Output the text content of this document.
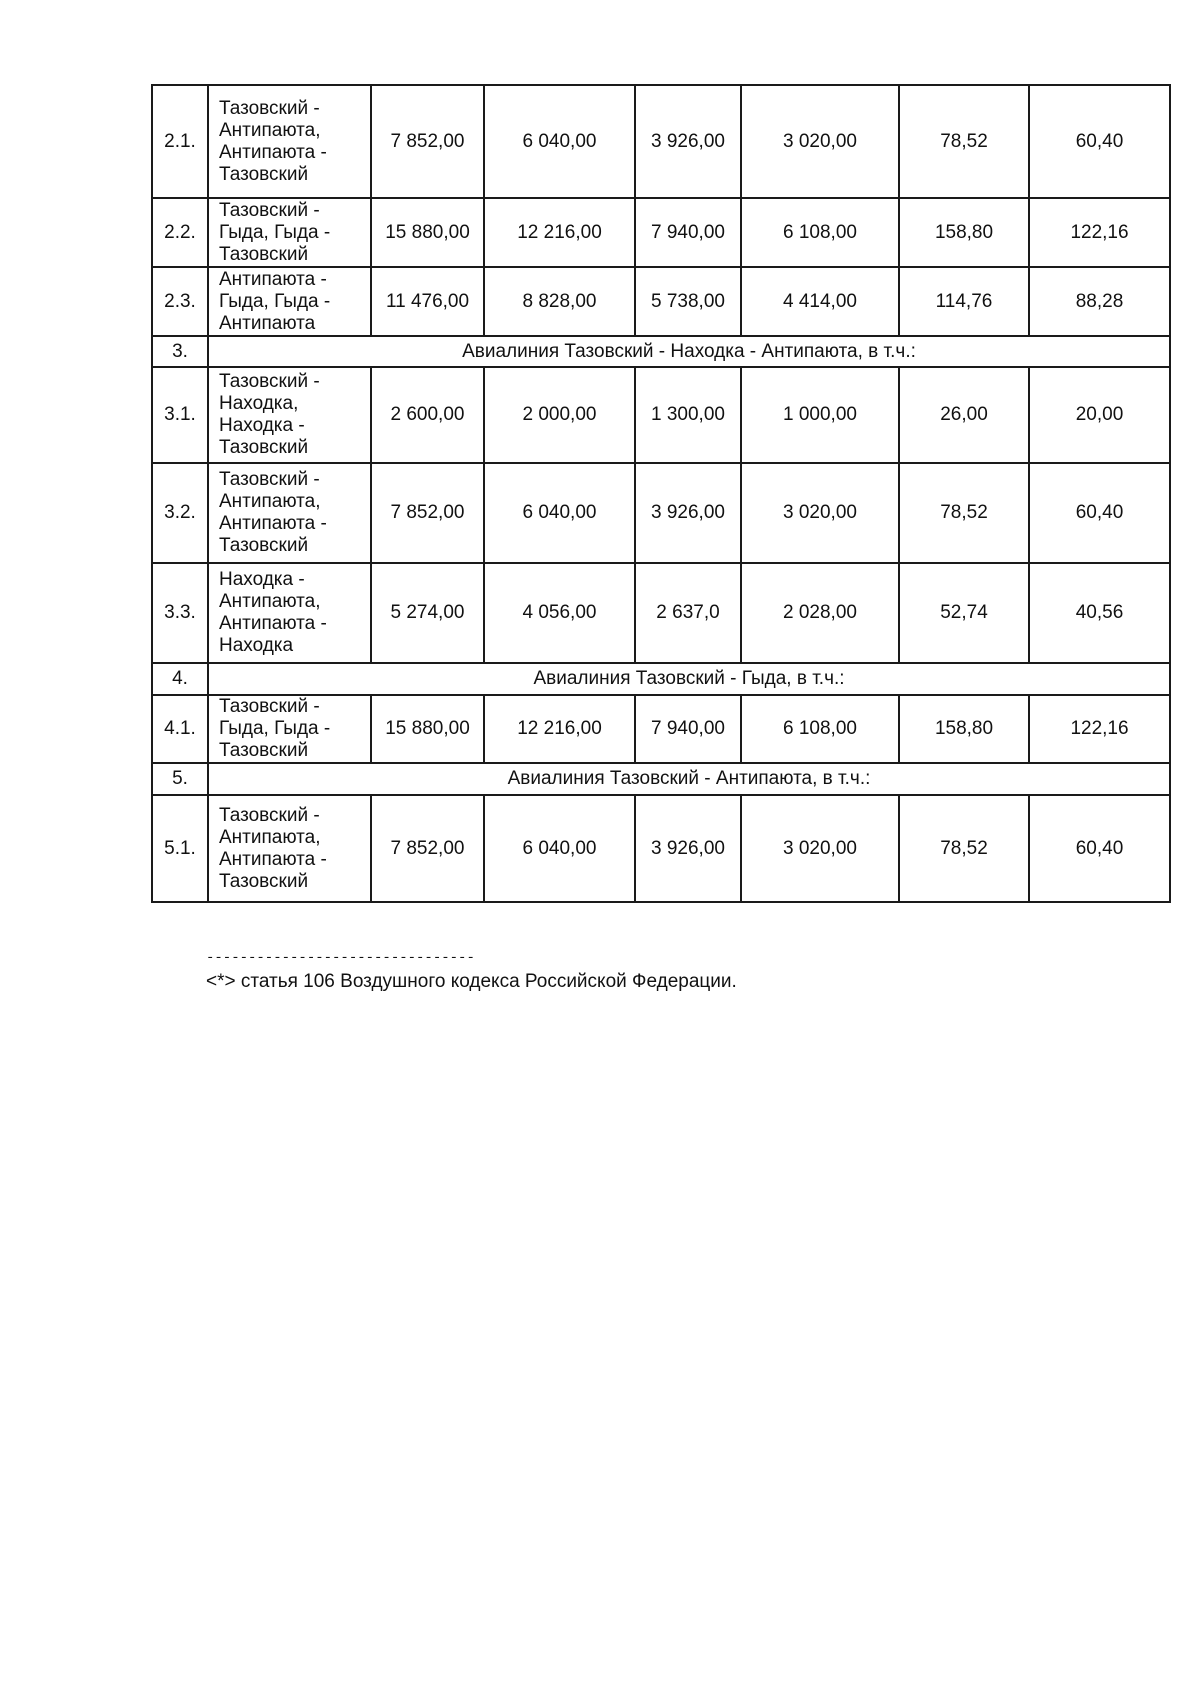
2.1.	Тазовский -
Антипаюта,
Антипаюта -
Тазовский	7 852,00	6 040,00	3 926,00	3 020,00	78,52	60,40
2.2.	Тазовский -
Гыда, Гыда -
Тазовский	15 880,00	12 216,00	7 940,00	6 108,00	158,80	122,16
2.3.	Антипаюта -
Гыда, Гыда -
Антипаюта	11 476,00	8 828,00	5 738,00	4 414,00	114,76	88,28
3.	Авиалиния Тазовский - Находка - Антипаюта, в т.ч.:						
3.1.	Тазовский -
Находка,
Находка -
Тазовский	2 600,00	2 000,00	1 300,00	1 000,00	26,00	20,00
3.2.	Тазовский -
Антипаюта,
Антипаюта -
Тазовский	7 852,00	6 040,00	3 926,00	3 020,00	78,52	60,40
3.3.	Находка -
Антипаюта,
Антипаюта -
Находка	5 274,00	4 056,00	2 637,0	2 028,00	52,74	40,56
4.	Авиалиния Тазовский - Гыда, в т.ч.:						
4.1.	Тазовский -
Гыда, Гыда -
Тазовский	15 880,00	12 216,00	7 940,00	6 108,00	158,80	122,16
5.	Авиалиния Тазовский - Антипаюта, в т.ч.:						
5.1.	Тазовский -
Антипаюта,
Антипаюта -
Тазовский	7 852,00	6 040,00	3 926,00	3 020,00	78,52	60,40
--------------------------------
<*> статья 106 Воздушного кодекса Российской Федерации.
